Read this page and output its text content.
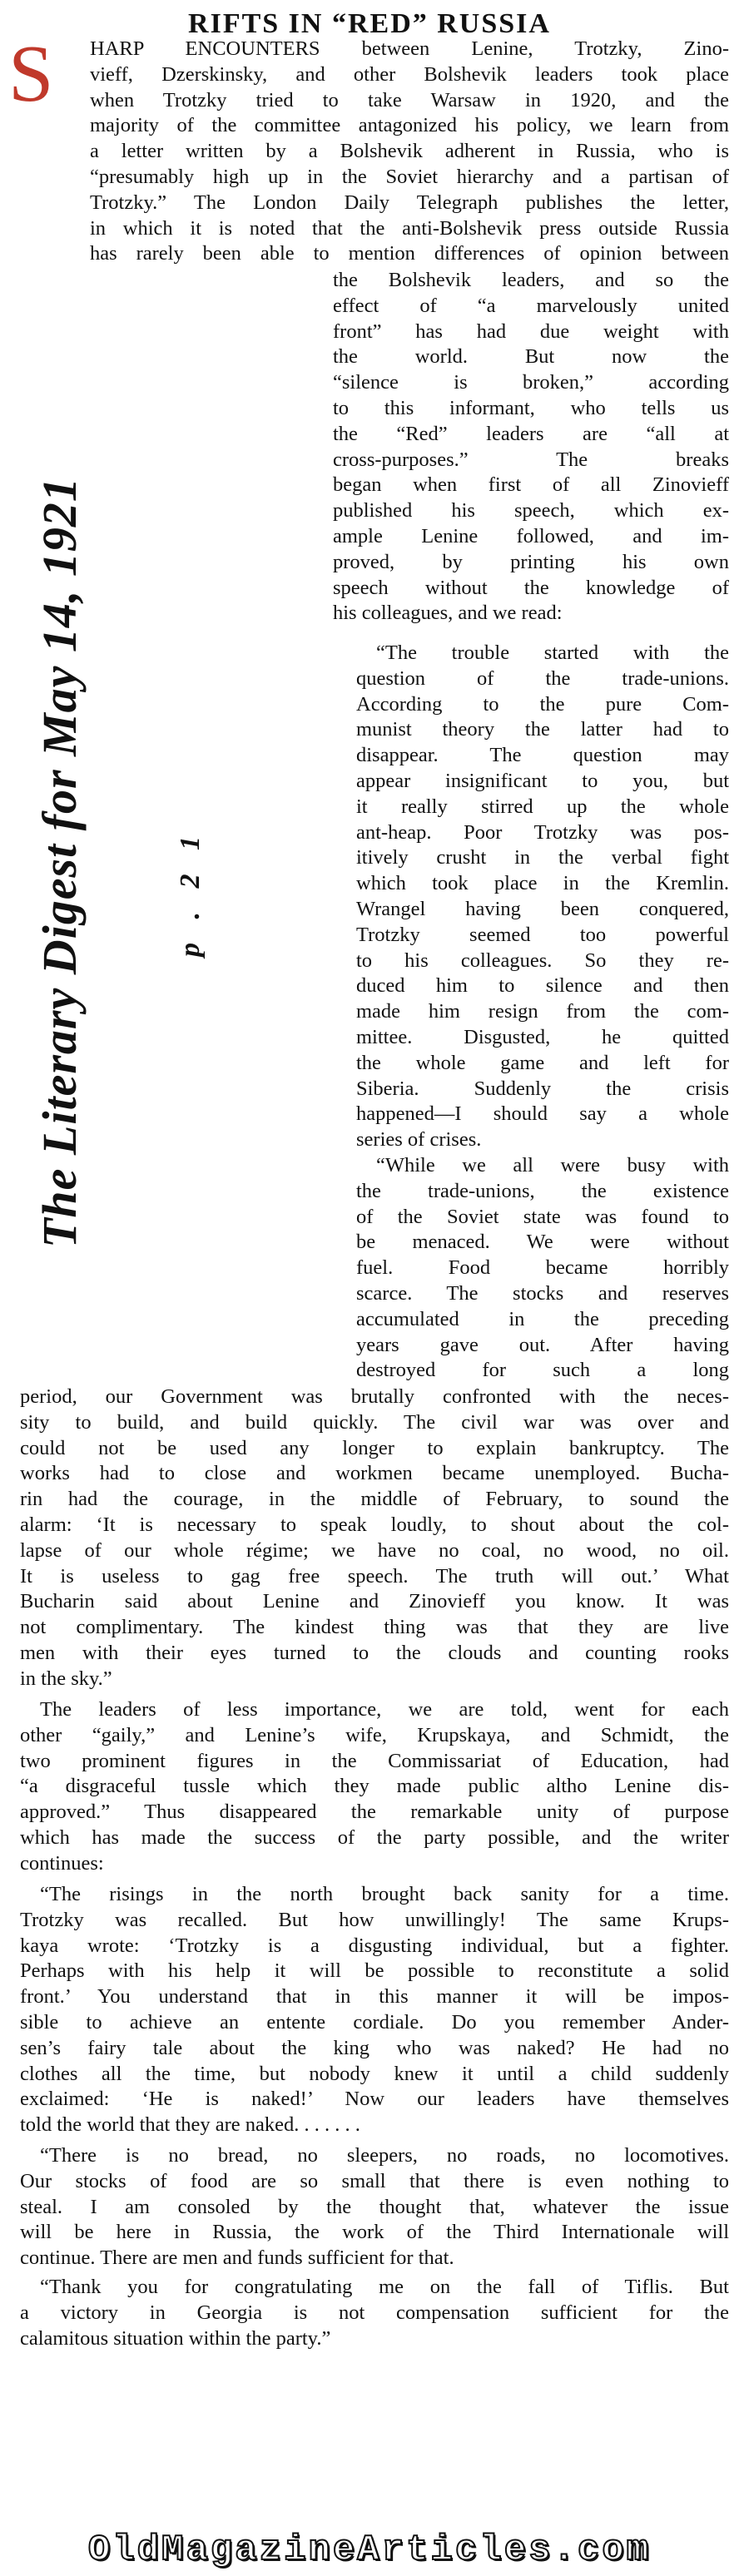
RIFTS IN “RED” RUSSIA
S HARP ENCOUNTERS between Lenine, Trotzky, Zino-
vieff, Dzerskinsky, and other Bolshevik leaders took place
when Trotzky tried to take Warsaw in 1920, and the
majority of the committee antagonized his policy, we learn from
a letter written by a Bolshevik adherent in Russia, who is
“presumably high up in the Soviet hierarchy and a partisan of
Trotzky.” The London Daily Telegraph publishes the letter,
in which it is noted that the anti-Bolshevik press outside Russia
has rarely been able to mention differences of opinion between
the Bolshevik leaders, and so the
effect of “a marvelously united
front” has had due weight with
the world. But now the
“silence is broken,” according
to this informant, who tells us
the “Red” leaders are “all at
cross-purposes.” The breaks
began when first of all Zinovieff
published his speech, which ex-
ample Lenine followed, and im-
proved, by printing his own
speech without the knowledge of
his colleagues, and we read:
“The trouble started with the
question of the trade-unions.
According to the pure Com-
munist theory the latter had to
disappear. The question may
appear insignificant to you, but
it really stirred up the whole
ant-heap. Poor Trotzky was pos-
itively crusht in the verbal fight
which took place in the Kremlin.
Wrangel having been conquered,
Trotzky seemed too powerful
to his colleagues. So they re-
duced him to silence and then
made him resign from the com-
mittee. Disgusted, he quitted
the whole game and left for
Siberia. Suddenly the crisis
happened—I should say a whole
series of crises.
“While we all were busy with
the trade-unions, the existence
of the Soviet state was found to
be menaced. We were without
fuel. Food became horribly
scarce. The stocks and reserves
accumulated in the preceding
years gave out. After having
destroyed for such a long
period, our Government was brutally confronted with the neces-
sity to build, and build quickly. The civil war was over and
could not be used any longer to explain bankruptcy. The
works had to close and workmen became unemployed. Bucha-
rin had the courage, in the middle of February, to sound the
alarm: ‘It is necessary to speak loudly, to shout about the col-
lapse of our whole régime; we have no coal, no wood, no oil.
It is useless to gag free speech. The truth will out.’ What
Bucharin said about Lenine and Zinovieff you know. It was
not complimentary. The kindest thing was that they are live
men with their eyes turned to the clouds and counting rooks
in the sky.”
The leaders of less importance, we are told, went for each
other “gaily,” and Lenine’s wife, Krupskaya, and Schmidt, the
two prominent figures in the Commissariat of Education, had
“a disgraceful tussle which they made public altho Lenine dis-
approved.” Thus disappeared the remarkable unity of purpose
which has made the success of the party possible, and the writer
continues:
“The risings in the north brought back sanity for a time.
Trotzky was recalled. But how unwillingly! The same Krups-
kaya wrote: ‘Trotzky is a disgusting individual, but a fighter.
Perhaps with his help it will be possible to reconstitute a solid
front.’ You understand that in this manner it will be impos-
sible to achieve an entente cordiale. Do you remember Ander-
sen’s fairy tale about the king who was naked? He had no
clothes all the time, but nobody knew it until a child suddenly
exclaimed: ‘He is naked!’ Now our leaders have themselves
told the world that they are naked. . . . . . .
“There is no bread, no sleepers, no roads, no locomotives.
Our stocks of food are so small that there is even nothing to
steal. I am consoled by the thought that, whatever the issue
will be here in Russia, the work of the Third Internationale will
continue. There are men and funds sufficient for that.
“Thank you for congratulating me on the fall of Tiflis. But
a victory in Georgia is not compensation sufficient for the
calamitous situation within the party.”
The Literary Digest for May 14, 1921	p . 2 1
OldMagazineArticles.com
